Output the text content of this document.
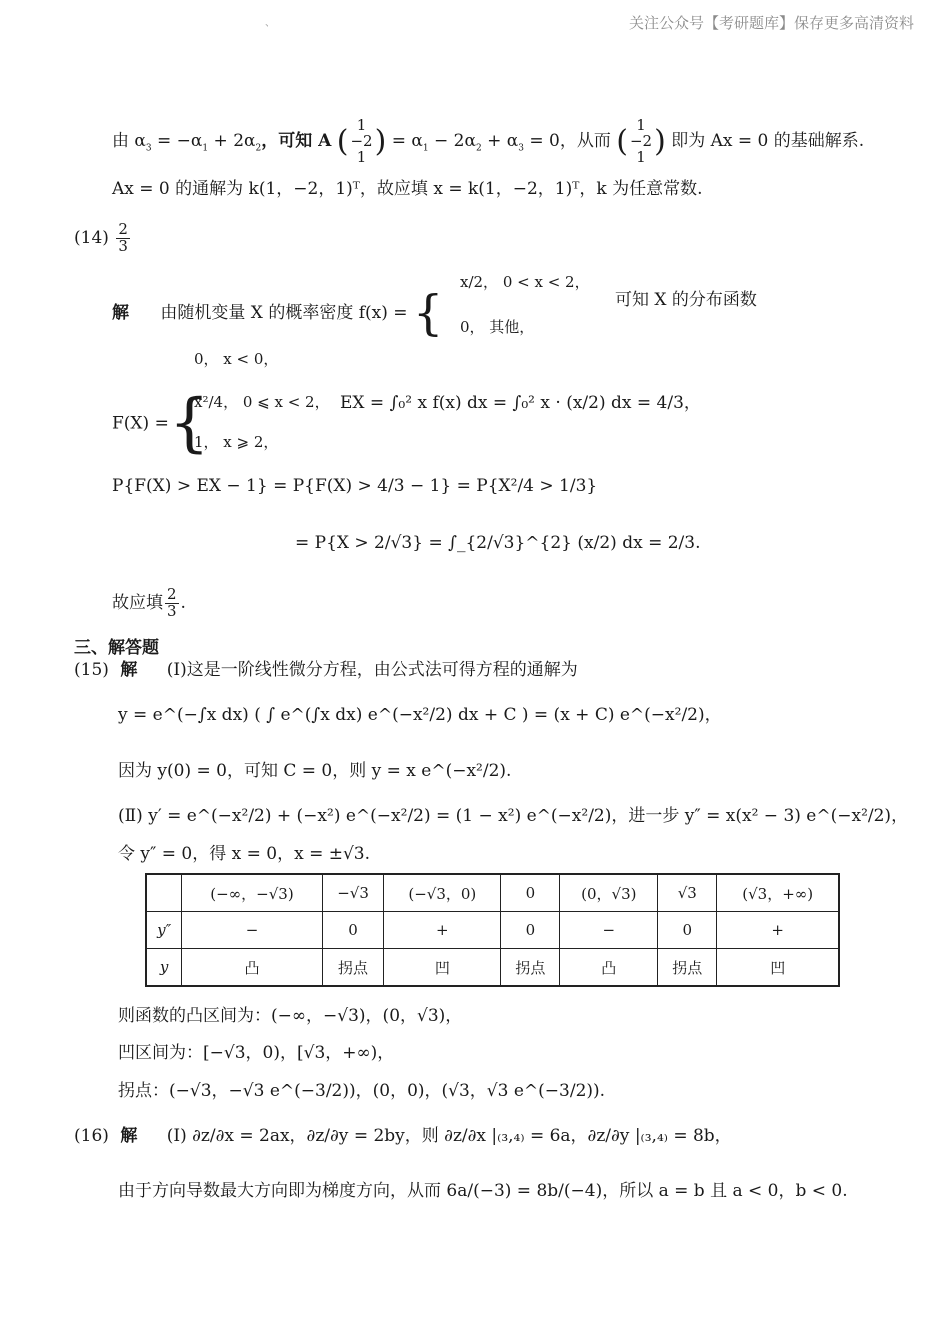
关注公众号【考研题库】保存更多高清资料
、
由 $\alpha_3 = -\alpha_1 + 2\alpha_2$，可知 A ( 1
−2
1 ) = $\alpha_1 - 2\alpha_2 + \alpha_3 = 0$，从而 ( 1
−2
1 ) 即为 Ax = 0 的基础解系.
Ax = 0 的通解为 k(1，−2，1)ᵀ，故应填 x = k(1，−2，1)ᵀ，k 为任意常数.
$(14) \frac{2}{3}$
解 由随机变量 X 的概率密度 f(x) = {
x/2， 0 < x < 2，
0， 其他，
可知 X 的分布函数
F(X) ={
0， x < 0，
x²/4， 0 ⩽ x < 2，
1， x ⩾ 2，
EX = ∫₀² x f(x) dx = ∫₀² x · (x/2) dx = 4/3，
P{F(X) > EX − 1} = P{F(X) > 4/3 − 1} = P{X²/4 > 1/3}
= P{X > 2/√3} = ∫_{2/√3}^{2} (x/2) dx = 2/3.
故应填 $\frac{2}{3}$ .
三、解答题
(15) 解 (Ⅰ)这是一阶线性微分方程，由公式法可得方程的通解为
y = e^(−∫x dx) ( ∫ e^(∫x dx) e^(−x²/2) dx + C ) = (x + C) e^(−x²/2)，
因为 y(0) = 0，可知 C = 0，则 y = x e^(−x²/2).
(Ⅱ) y′ = e^(−x²/2) + (−x²) e^(−x²/2) = (1 − x²) e^(−x²/2)，进一步 y″ = x(x² − 3) e^(−x²/2)，
令 y″ = 0，得 x = 0，x = ±√3.
	(−∞，−√3)	−√3	(−√3，0)	0	(0，√3)	√3	(√3，+∞)
y″	−	0	+	0	−	0	+
y	凸	拐点	凹	拐点	凸	拐点	凹
则函数的凸区间为：(−∞，−√3)，(0，√3)，
凹区间为：[−√3，0)，[√3，+∞)，
拐点：(−√3，−√3 e^(−3/2))，(0，0)，(√3，√3 e^(−3/2)).
(16) 解 (Ⅰ) ∂z/∂x = 2ax，∂z/∂y = 2by，则 ∂z/∂x |₍₃,₄₎ = 6a，∂z/∂y |₍₃,₄₎ = 8b，
由于方向导数最大方向即为梯度方向，从而 6a/(−3) = 8b/(−4)，所以 a = b 且 a < 0，b < 0.
